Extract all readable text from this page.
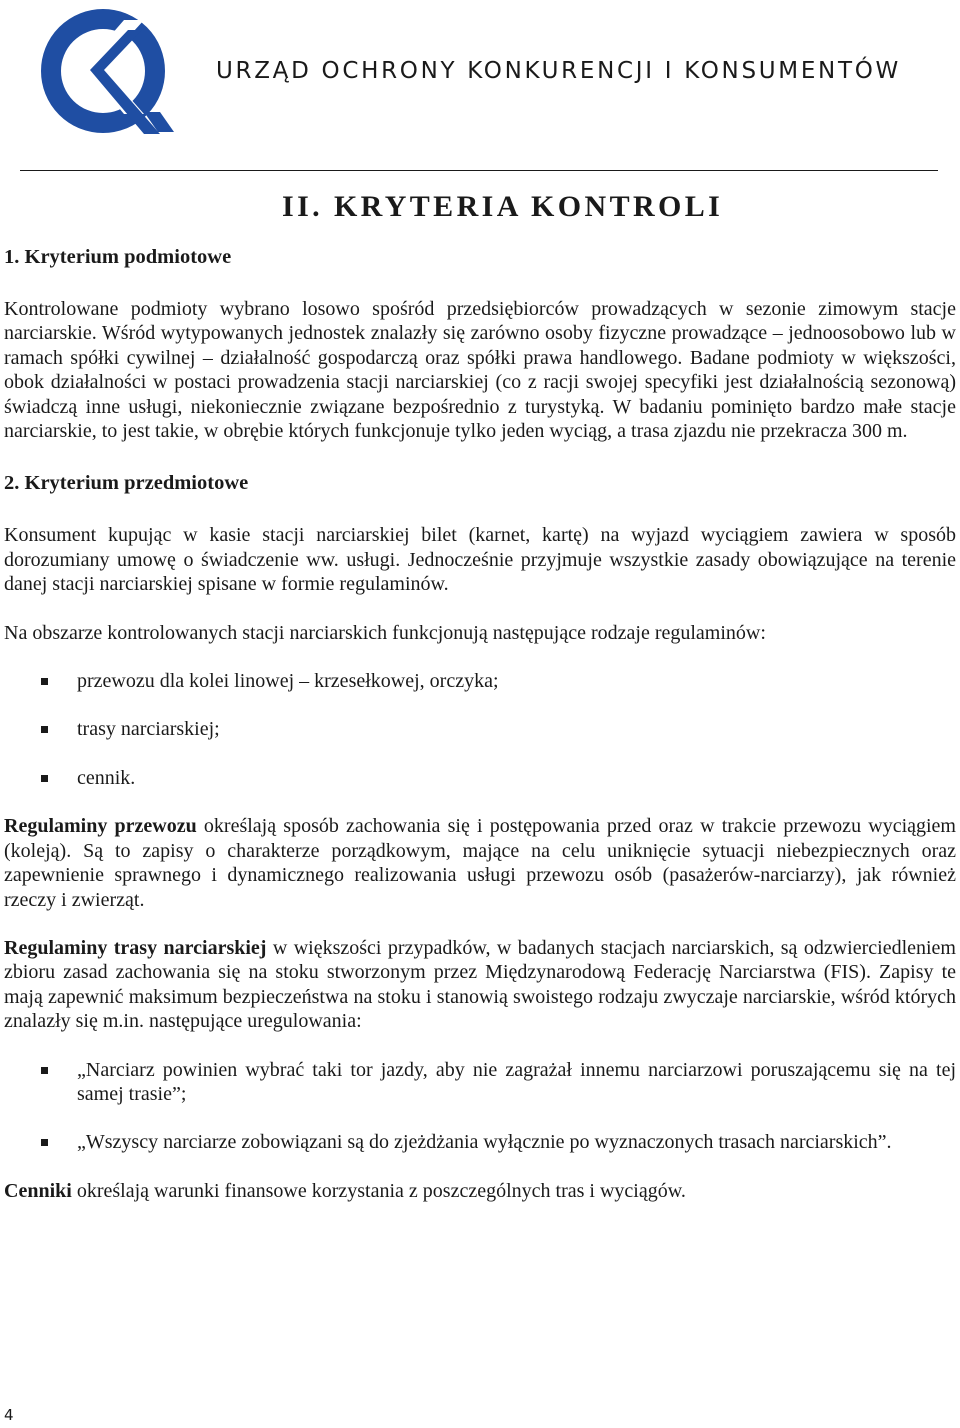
URZĄD OCHRONY KONKURENCJI I KONSUMENTÓW
II. KRYTERIA KONTROLI
1. Kryterium podmiotowe

Kontrolowane podmioty wybrano losowo spośród przedsiębiorców prowadzących w sezonie zimowym stacje narciarskie. Wśród wytypowanych jednostek znalazły się zarówno osoby fizyczne prowadzące – jednoosobowo lub w ramach spółki cywilnej – działalność gospodarczą oraz spółki prawa handlowego. Badane podmioty w większości, obok działalności w postaci prowadzenia stacji narciarskiej (co z racji swojej specyfiki jest działalnością sezonową) świadczą inne usługi, niekoniecznie związane bezpośrednio z turystyką. W badaniu pominięto bardzo małe stacje narciarskie, to jest takie, w obrębie których funkcjonuje tylko jeden wyciąg, a trasa zjazdu nie przekracza 300 m.

2. Kryterium przedmiotowe

Konsument kupując w kasie stacji narciarskiej bilet (karnet, kartę) na wyjazd wyciągiem zawiera w sposób dorozumiany umowę o świadczenie ww. usługi. Jednocześnie przyjmuje wszystkie zasady obowiązujące na terenie danej stacji narciarskiej spisane w formie regulaminów.

Na obszarze kontrolowanych stacji narciarskich funkcjonują następujące rodzaje regulaminów:

przewozu dla kolei linowej – krzesełkowej, orczyka;
trasy narciarskiej;
cennik.

Regulaminy przewozu określają sposób zachowania się i postępowania przed oraz w trakcie przewozu wyciągiem (koleją). Są to zapisy o charakterze porządkowym, mające na celu uniknięcie sytuacji niebezpiecznych oraz zapewnienie sprawnego i dynamicznego realizowania usługi przewozu osób (pasażerów-narciarzy), jak również rzeczy i zwierząt.

Regulaminy trasy narciarskiej w większości przypadków, w badanych stacjach narciarskich, są odzwierciedleniem zbioru zasad zachowania się na stoku stworzonym przez Międzynarodową Federację Narciarstwa (FIS). Zapisy te mają zapewnić maksimum bezpieczeństwa na stoku i stanowią swoistego rodzaju zwyczaje narciarskie, wśród których znalazły się m.in. następujące uregulowania:

„Narciarz powinien wybrać taki tor jazdy, aby nie zagrażał innemu narciarzowi poruszającemu się na tej samej trasie”;
„Wszyscy narciarze zobowiązani są do zjeżdżania wyłącznie po wyznaczonych trasach narciarskich”.

Cenniki określają warunki finansowe korzystania z poszczególnych tras i wyciągów.

4
